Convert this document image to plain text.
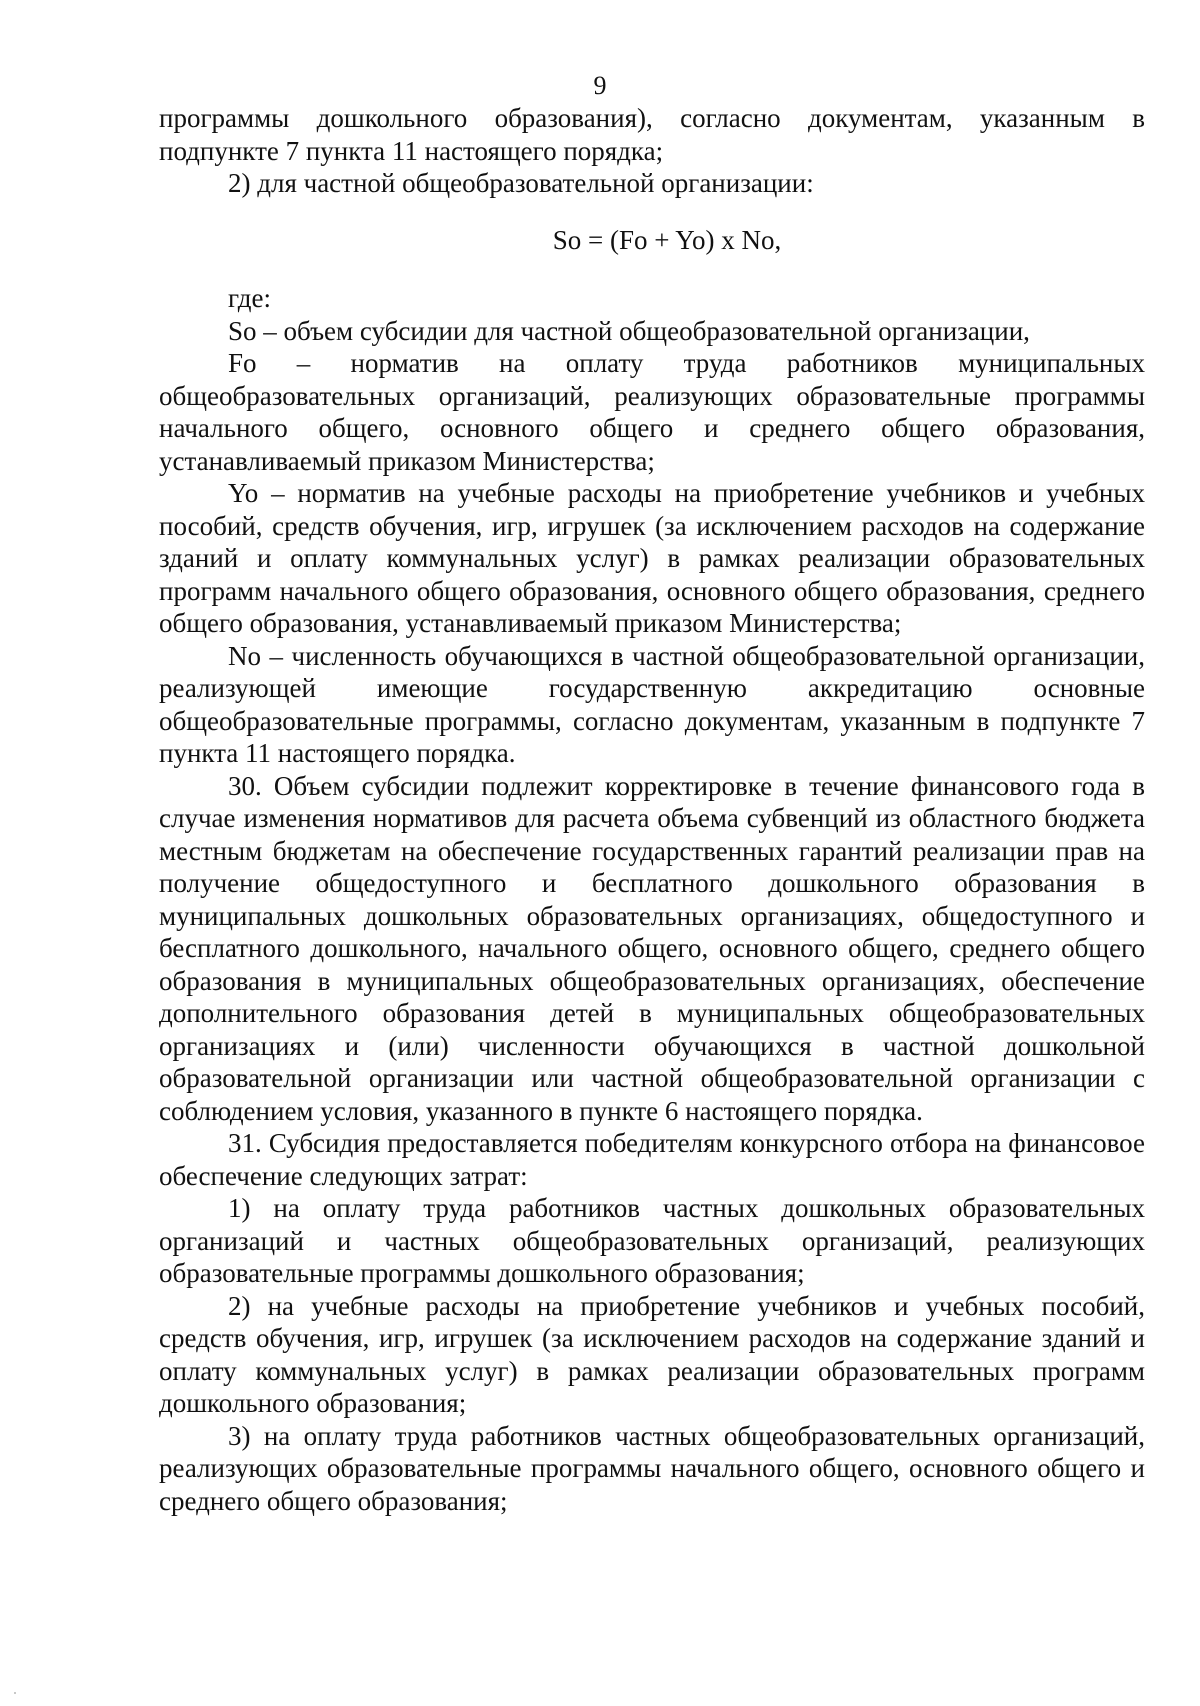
9

программы дошкольного образования), согласно документам, указанным в подпункте 7 пункта 11 настоящего порядка;

2) для частной общеобразовательной организации:

So = (Fo + Yo) x No,

где:

So – объем субсидии для частной общеобразовательной организации,

Fo – норматив на оплату труда работников муниципальных общеобразовательных организаций, реализующих образовательные программы начального общего, основного общего и среднего общего образования, устанавливаемый приказом Министерства;

Yo – норматив на учебные расходы на приобретение учебников и учебных пособий, средств обучения, игр, игрушек (за исключением расходов на содержание зданий и оплату коммунальных услуг) в рамках реализации образовательных программ начального общего образования, основного общего образования, среднего общего образования, устанавливаемый приказом Министерства;

No – численность обучающихся в частной общеобразовательной организации, реализующей имеющие государственную аккредитацию основные общеобразовательные программы, согласно документам, указанным в подпункте 7 пункта 11 настоящего порядка.

30. Объем субсидии подлежит корректировке в течение финансового года в случае изменения нормативов для расчета объема субвенций из областного бюджета местным бюджетам на обеспечение государственных гарантий реализации прав на получение общедоступного и бесплатного дошкольного образования в муниципальных дошкольных образовательных организациях, общедоступного и бесплатного дошкольного, начального общего, основного общего, среднего общего образования в муниципальных общеобразовательных организациях, обеспечение дополнительного образования детей в муниципальных общеобразовательных организациях и (или) численности обучающихся в частной дошкольной образовательной организации или частной общеобразовательной организации с соблюдением условия, указанного в пункте 6 настоящего порядка.

31. Субсидия предоставляется победителям конкурсного отбора на финансовое обеспечение следующих затрат:

1) на оплату труда работников частных дошкольных образовательных организаций и частных общеобразовательных организаций, реализующих образовательные программы дошкольного образования;

2) на учебные расходы на приобретение учебников и учебных пособий, средств обучения, игр, игрушек (за исключением расходов на содержание зданий и оплату коммунальных услуг) в рамках реализации образовательных программ дошкольного образования;

3) на оплату труда работников частных общеобразовательных организаций, реализующих образовательные программы начального общего, основного общего и среднего общего образования;
